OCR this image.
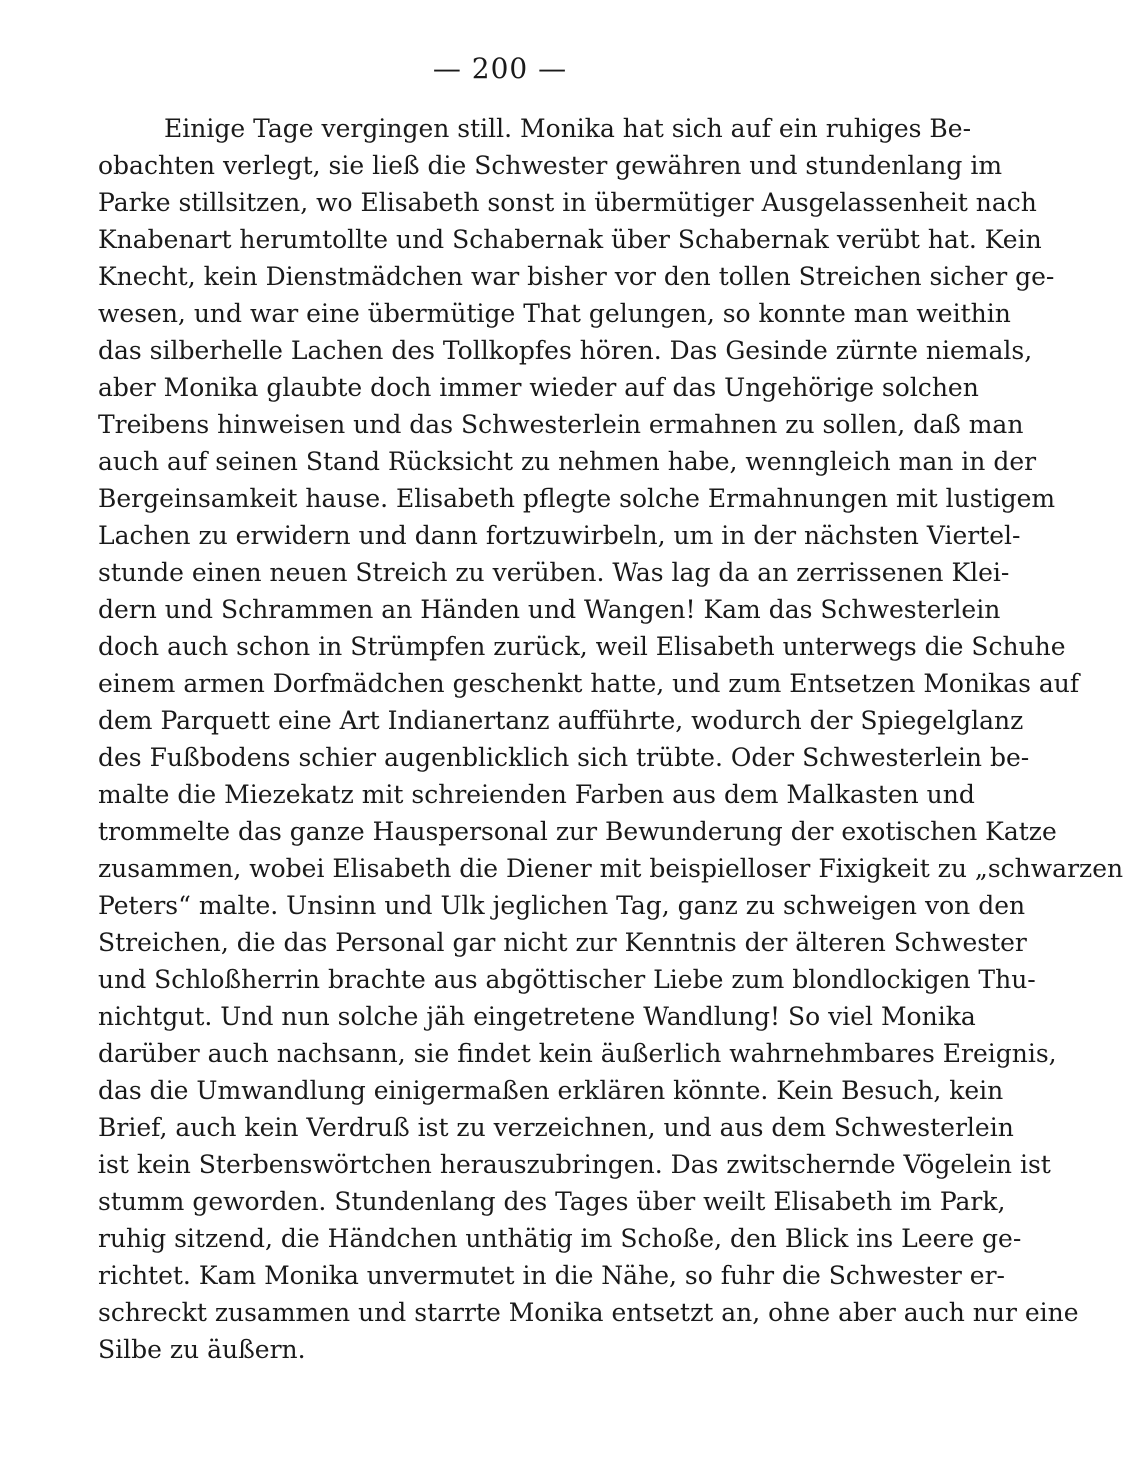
— 200 —
Einige Tage vergingen still. Monika hat sich auf ein ruhiges Be-
obachten verlegt, sie ließ die Schwester gewähren und stundenlang im
Parke stillsitzen, wo Elisabeth sonst in übermütiger Ausgelassenheit nach
Knabenart herumtollte und Schabernak über Schabernak verübt hat. Kein
Knecht, kein Dienstmädchen war bisher vor den tollen Streichen sicher ge-
wesen, und war eine übermütige That gelungen, so konnte man weithin
das silberhelle Lachen des Tollkopfes hören. Das Gesinde zürnte niemals,
aber Monika glaubte doch immer wieder auf das Ungehörige solchen
Treibens hinweisen und das Schwesterlein ermahnen zu sollen, daß man
auch auf seinen Stand Rücksicht zu nehmen habe, wenngleich man in der
Bergeinsamkeit hause. Elisabeth pflegte solche Ermahnungen mit lustigem
Lachen zu erwidern und dann fortzuwirbeln, um in der nächsten Viertel-
stunde einen neuen Streich zu verüben. Was lag da an zerrissenen Klei-
dern und Schrammen an Händen und Wangen! Kam das Schwesterlein
doch auch schon in Strümpfen zurück, weil Elisabeth unterwegs die Schuhe
einem armen Dorfmädchen geschenkt hatte, und zum Entsetzen Monikas auf
dem Parquett eine Art Indianertanz aufführte, wodurch der Spiegelglanz
des Fußbodens schier augenblicklich sich trübte. Oder Schwesterlein be-
malte die Miezekatz mit schreienden Farben aus dem Malkasten und
trommelte das ganze Hauspersonal zur Bewunderung der exotischen Katze
zusammen, wobei Elisabeth die Diener mit beispielloser Fixigkeit zu „schwarzen
Peters“ malte. Unsinn und Ulk jeglichen Tag, ganz zu schweigen von den
Streichen, die das Personal gar nicht zur Kenntnis der älteren Schwester
und Schloßherrin brachte aus abgöttischer Liebe zum blondlockigen Thu-
nichtgut. Und nun solche jäh eingetretene Wandlung! So viel Monika
darüber auch nachsann, sie findet kein äußerlich wahrnehmbares Ereignis,
das die Umwandlung einigermaßen erklären könnte. Kein Besuch, kein
Brief, auch kein Verdruß ist zu verzeichnen, und aus dem Schwesterlein
ist kein Sterbenswörtchen herauszubringen. Das zwitschernde Vögelein ist
stumm geworden. Stundenlang des Tages über weilt Elisabeth im Park,
ruhig sitzend, die Händchen unthätig im Schoße, den Blick ins Leere ge-
richtet. Kam Monika unvermutet in die Nähe, so fuhr die Schwester er-
schreckt zusammen und starrte Monika entsetzt an, ohne aber auch nur eine
Silbe zu äußern.
